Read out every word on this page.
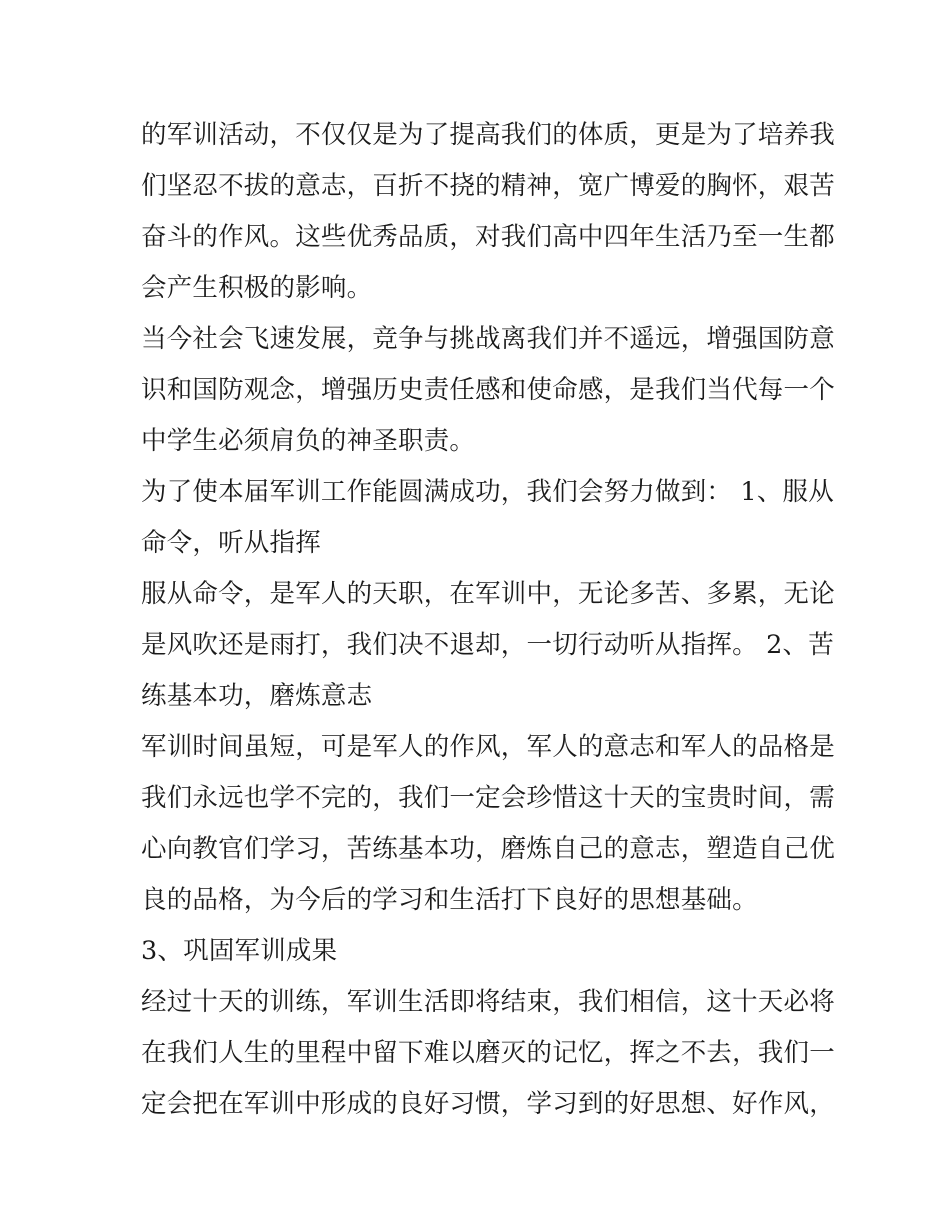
的军训活动，不仅仅是为了提高我们的体质，更是为了培养我
们坚忍不拔的意志，百折不挠的精神，宽广博爱的胸怀，艰苦
奋斗的作风。这些优秀品质，对我们高中四年生活乃至一生都
会产生积极的影响。
当今社会飞速发展，竞争与挑战离我们并不遥远，增强国防意
识和国防观念，增强历史责任感和使命感，是我们当代每一个
中学生必须肩负的神圣职责。
为了使本届军训工作能圆满成功，我们会努力做到： 1、服从
命令，听从指挥
服从命令，是军人的天职，在军训中，无论多苦、多累，无论
是风吹还是雨打，我们决不退却，一切行动听从指挥。 2、苦
练基本功，磨炼意志
军训时间虽短，可是军人的作风，军人的意志和军人的品格是
我们永远也学不完的，我们一定会珍惜这十天的宝贵时间，需
心向教官们学习，苦练基本功，磨炼自己的意志，塑造自己优
良的品格，为今后的学习和生活打下良好的思想基础。
3、巩固军训成果
经过十天的训练，军训生活即将结束，我们相信，这十天必将
在我们人生的里程中留下难以磨灭的记忆，挥之不去，我们一
定会把在军训中形成的良好习惯，学习到的好思想、好作风，
